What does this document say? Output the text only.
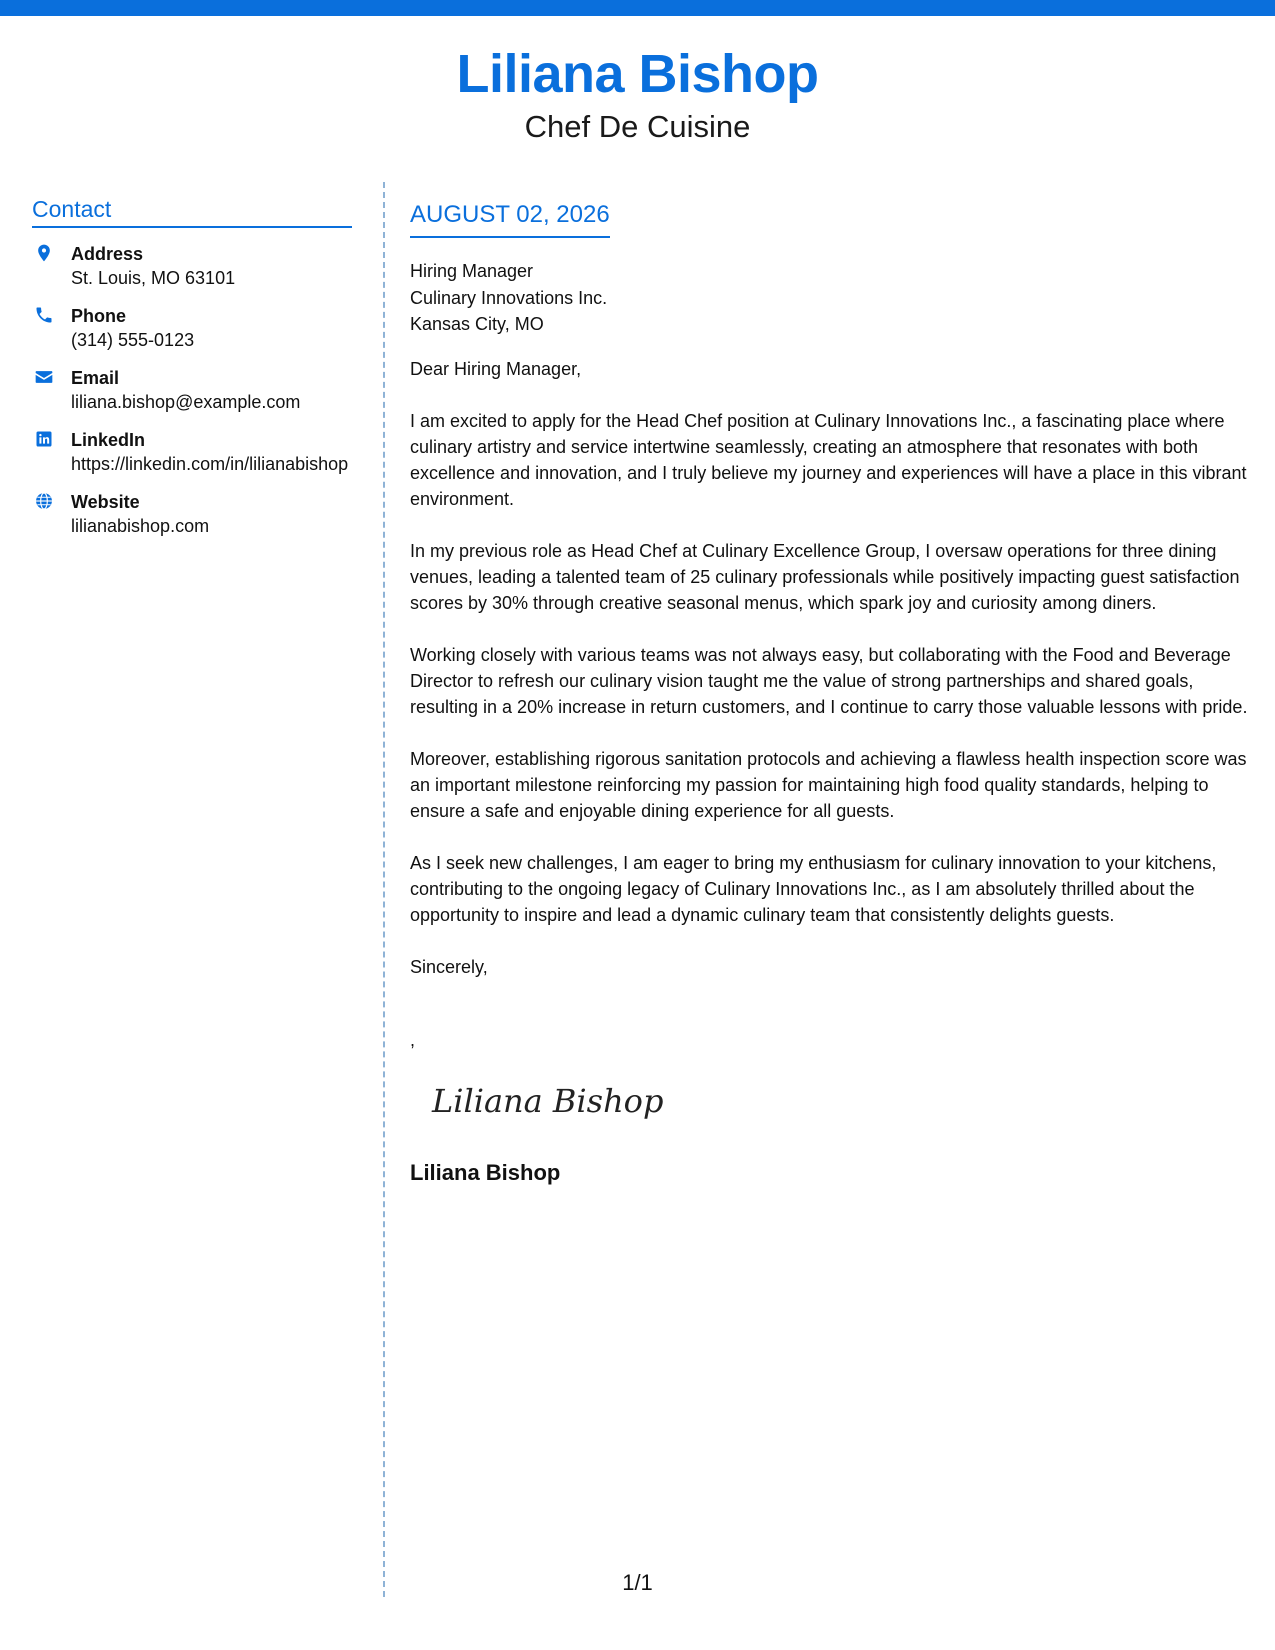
Liliana Bishop
Chef De Cuisine
Contact
Address
St. Louis, MO 63101
Phone
(314) 555-0123
Email
liliana.bishop@example.com
LinkedIn
https://linkedin.com/in/lilianabishop
Website
lilianabishop.com
AUGUST 02, 2026
Hiring Manager
Culinary Innovations Inc.
Kansas City, MO
Dear Hiring Manager,
I am excited to apply for the Head Chef position at Culinary Innovations Inc., a fascinating place where culinary artistry and service intertwine seamlessly, creating an atmosphere that resonates with both excellence and innovation, and I truly believe my journey and experiences will have a place in this vibrant environment.
In my previous role as Head Chef at Culinary Excellence Group, I oversaw operations for three dining venues, leading a talented team of 25 culinary professionals while positively impacting guest satisfaction scores by 30% through creative seasonal menus, which spark joy and curiosity among diners.
Working closely with various teams was not always easy, but collaborating with the Food and Beverage Director to refresh our culinary vision taught me the value of strong partnerships and shared goals, resulting in a 20% increase in return customers, and I continue to carry those valuable lessons with pride.
Moreover, establishing rigorous sanitation protocols and achieving a flawless health inspection score was an important milestone reinforcing my passion for maintaining high food quality standards, helping to ensure a safe and enjoyable dining experience for all guests.
As I seek new challenges, I am eager to bring my enthusiasm for culinary innovation to your kitchens, contributing to the ongoing legacy of Culinary Innovations Inc., as I am absolutely thrilled about the opportunity to inspire and lead a dynamic culinary team that consistently delights guests.
Sincerely,
,
Liliana Bishop
Liliana Bishop
1/1
